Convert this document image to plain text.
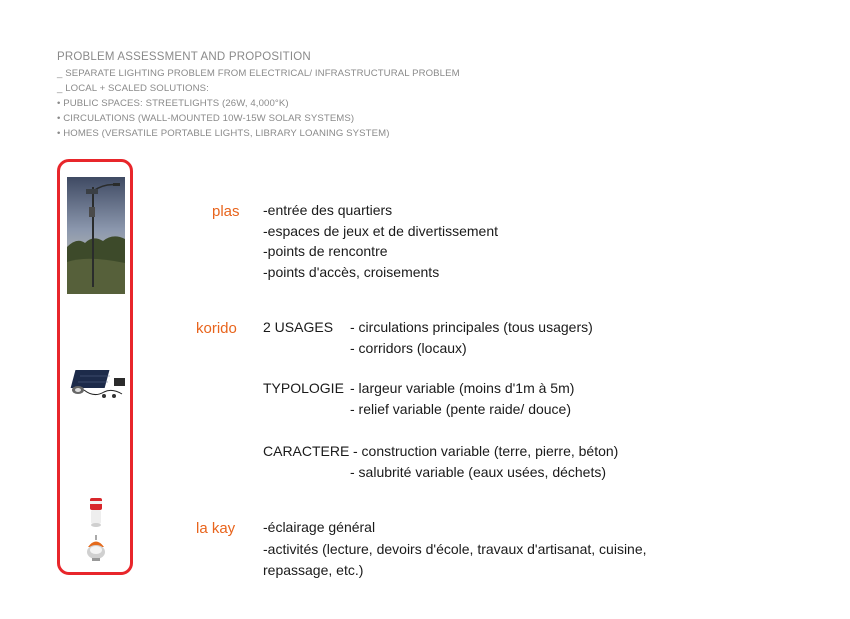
PROBLEM ASSESSMENT AND PROPOSITION
_ SEPARATE LIGHTING PROBLEM FROM ELECTRICAL/ INFRASTRUCTURAL PROBLEM
_ LOCAL + SCALED SOLUTIONS:
• PUBLIC SPACES: STREETLIGHTS (26W, 4,000°K)
• CIRCULATIONS (WALL-MOUNTED 10W-15W SOLAR SYSTEMS)
• HOMES (VERSATILE PORTABLE LIGHTS, LIBRARY LOANING SYSTEM)
plas -entrée des quartiers
-espaces de jeux et de divertissement
-points de rencontre
-points d'accès, croisements
korido 2 USAGES - circulations principales (tous usagers)
- corridors (locaux)
TYPOLOGIE - largeur variable (moins d'1m à 5m)
- relief variable (pente raide/ douce)
CARACTERE - construction variable (terre, pierre, béton)
- salubrité variable (eaux usées, déchets)
la kay -éclairage général
-activités (lecture, devoirs d'école, travaux d'artisanat, cuisine,
repassage, etc.)
